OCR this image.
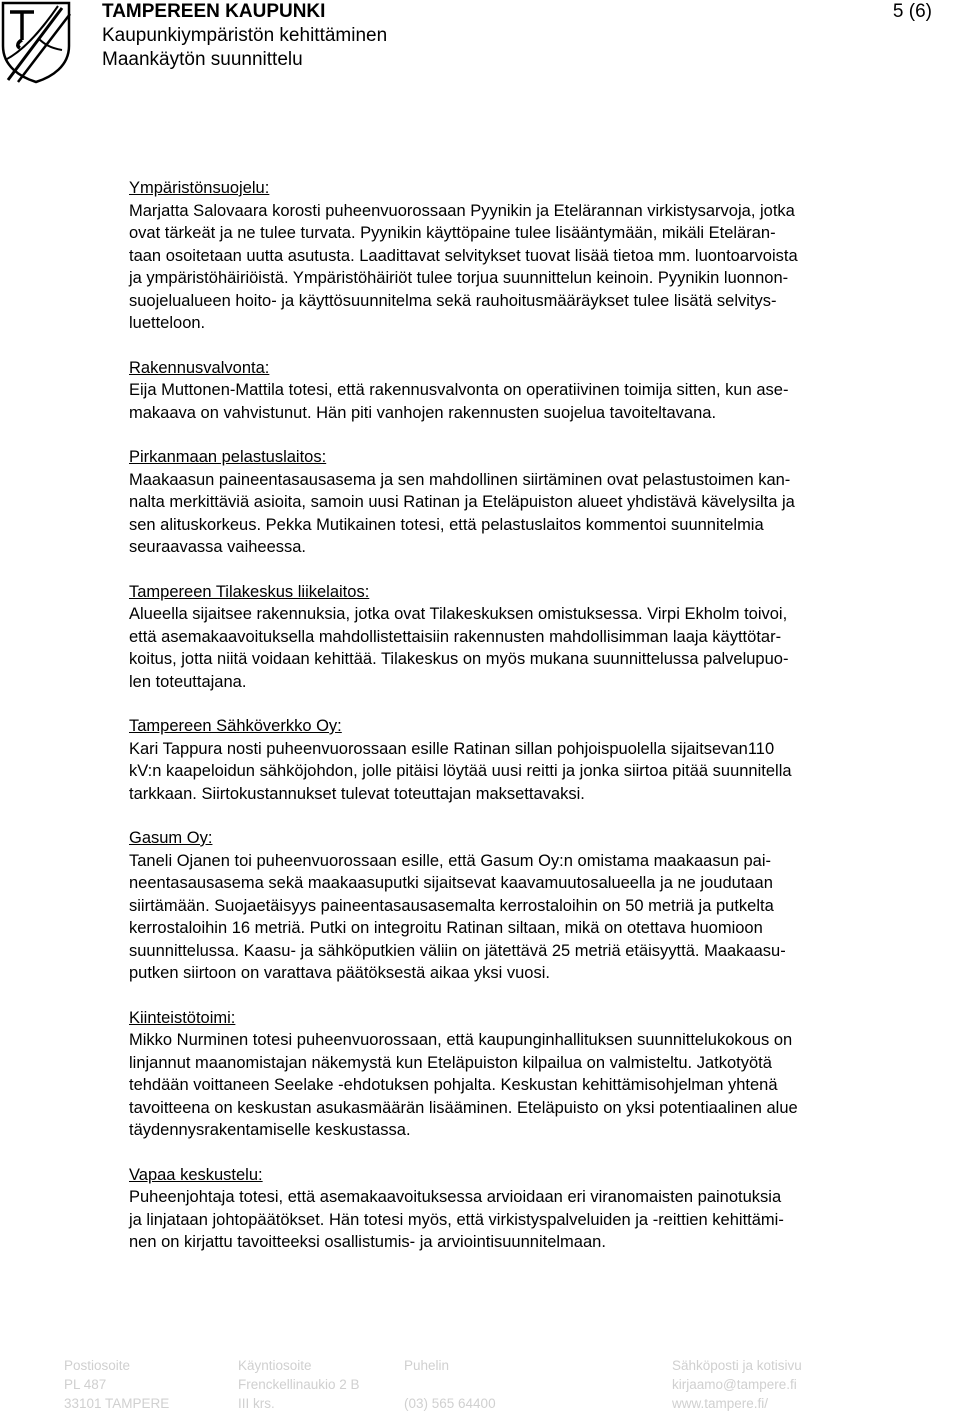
TAMPEREEN KAUPUNKI
Kaupunkiympäristön kehittäminen
Maankäytön suunnittelu
5 (6)
Ympäristönsuojelu:

Marjatta Salovaara korosti puheenvuorossaan Pyynikin ja Etelärannan virkistysarvoja, jotka
ovat tärkeät ja ne tulee turvata. Pyynikin käyttöpaine tulee lisääntymään, mikäli Eteläran-
taan osoitetaan uutta asutusta. Laadittavat selvitykset tuovat lisää tietoa mm. luontoarvoista
ja ympäristöhäiriöistä. Ympäristöhäiriöt tulee torjua suunnittelun keinoin. Pyynikin luonnon-
suojelualueen hoito- ja käyttösuunnitelma sekä rauhoitusmääräykset tulee lisätä selvitys-
luetteloon.

Rakennusvalvonta:

Eija Muttonen-Mattila totesi, että rakennusvalvonta on operatiivinen toimija sitten, kun ase-
makaava on vahvistunut. Hän piti vanhojen rakennusten suojelua tavoiteltavana.

Pirkanmaan pelastuslaitos:

Maakaasun paineentasausasema ja sen mahdollinen siirtäminen ovat pelastustoimen kan-
nalta merkittäviä asioita, samoin uusi Ratinan ja Eteläpuiston alueet yhdistävä kävelysilta ja
sen alituskorkeus. Pekka Mutikainen totesi, että pelastuslaitos kommentoi suunnitelmia
seuraavassa vaiheessa.

Tampereen Tilakeskus liikelaitos:

Alueella sijaitsee rakennuksia, jotka ovat Tilakeskuksen omistuksessa. Virpi Ekholm toivoi,
että asemakaavoituksella mahdollistettaisiin rakennusten mahdollisimman laaja käyttötar-
koitus, jotta niitä voidaan kehittää. Tilakeskus on myös mukana suunnittelussa palvelupuo-
len toteuttajana.

Tampereen Sähköverkko Oy:

Kari Tappura nosti puheenvuorossaan esille Ratinan sillan pohjoispuolella sijaitsevan110
kV:n kaapeloidun sähköjohdon, jolle pitäisi löytää uusi reitti ja jonka siirtoa pitää suunnitella
tarkkaan. Siirtokustannukset tulevat toteuttajan maksettavaksi.

Gasum Oy:

Taneli Ojanen toi puheenvuorossaan esille, että Gasum Oy:n omistama maakaasun pai-
neentasausasema sekä maakaasuputki sijaitsevat kaavamuutosalueella ja ne joudutaan
siirtämään. Suojaetäisyys paineentasausasemalta kerrostaloihin on 50 metriä ja putkelta
kerrostaloihin 16 metriä. Putki on integroitu Ratinan siltaan, mikä on otettava huomioon
suunnittelussa. Kaasu- ja sähköputkien väliin on jätettävä 25 metriä etäisyyttä. Maakaasu-
putken siirtoon on varattava päätöksestä aikaa yksi vuosi.

Kiinteistötoimi:

Mikko Nurminen totesi puheenvuorossaan, että kaupunginhallituksen suunnittelukokous on
linjannut maanomistajan näkemystä kun Eteläpuiston kilpailua on valmisteltu. Jatkotyötä
tehdään voittaneen Seelake -ehdotuksen pohjalta. Keskustan kehittämisohjelman yhtenä
tavoitteena on keskustan asukasmäärän lisääminen. Eteläpuisto on yksi potentiaalinen alue
täydennysrakentamiselle keskustassa.

Vapaa keskustelu:

Puheenjohtaja totesi, että asemakaavoituksessa arvioidaan eri viranomaisten painotuksia
ja linjataan johtopäätökset. Hän totesi myös, että virkistyspalveluiden ja -reittien kehittämi-
nen on kirjattu tavoitteeksi osallistumis- ja arviointisuunnitelmaan.

Postiosoite
PL 487
33101 TAMPERE
Käyntiosoite
Frenckellinaukio 2 B
III krs.
Puhelin

(03) 565 64400
Sähköposti ja kotisivu
kirjaamo@tampere.fi
www.tampere.fi/
